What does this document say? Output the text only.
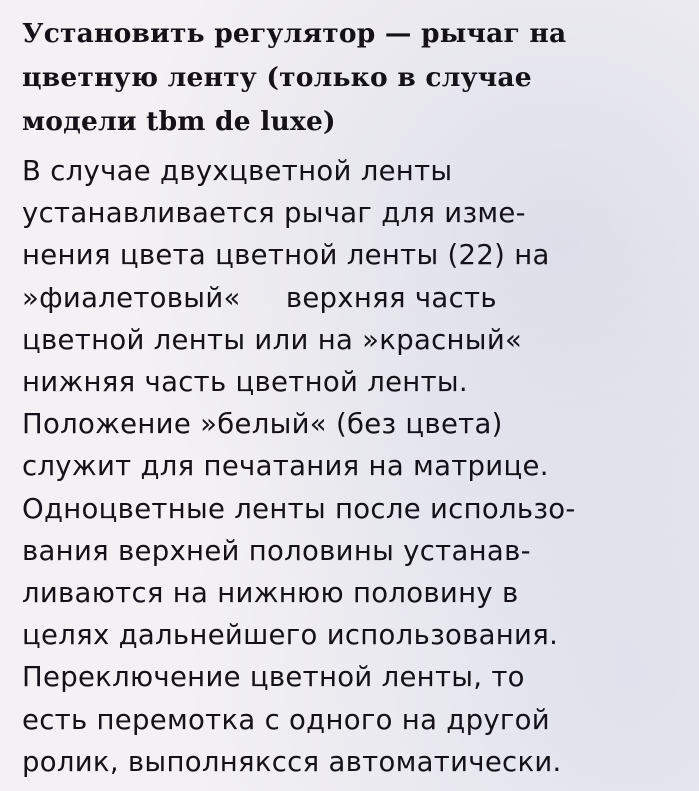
Установить регулятор — рычаг на
цветную ленту (только в случае
модели tbm de luxe)
В случае двухцветной ленты
устанавливается рычаг для изме-
нения цвета цветной ленты (22) на
»фиалетовый«     верхняя часть
цветной ленты или на »красный«
нижняя часть цветной ленты.
Положение »белый« (без цвета)
служит для печатания на матрице.
Одноцветные ленты после использо-
вания верхней половины устанав-
ливаются на нижнюю половину в
целях дальнейшего использования.
Переключение цветной ленты, то
есть перемотка с одного на другой
ролик, выполняксся автоматически.
